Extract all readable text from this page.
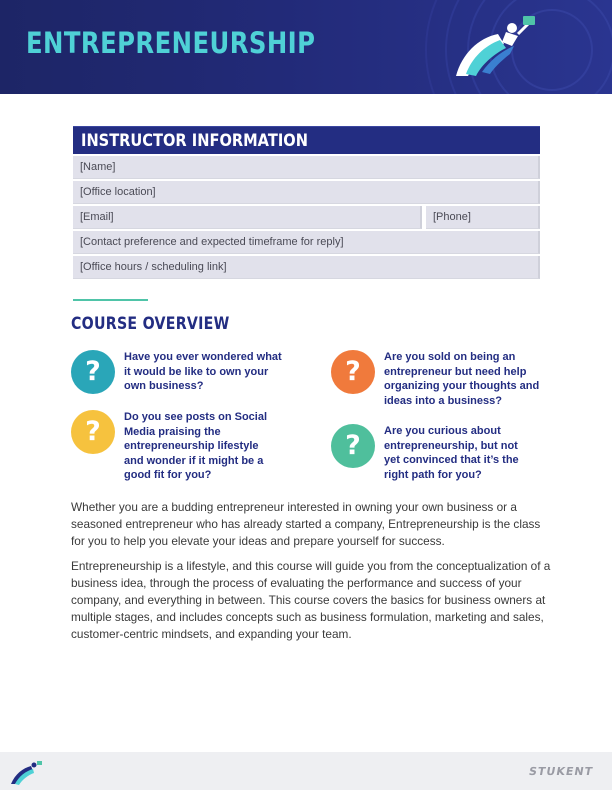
ENTREPRENEURSHIP
INSTRUCTOR INFORMATION
[Name]
[Office location]
[Email]	[Phone]
[Contact preference and expected timeframe for reply]
[Office hours / scheduling link]
COURSE OVERVIEW
?	Have you ever wondered what it would be like to own your own business?
?	Do you see posts on Social Media praising the entrepreneurship lifestyle and wonder if it might be a good fit for you?
?	Are you sold on being an entrepreneur but need help organizing your thoughts and ideas into a business?
?	Are you curious about entrepreneurship, but not yet convinced that it’s the right path for you?

Whether you are a budding entrepreneur interested in owning your own business or a seasoned entrepreneur who has already started a company, Entrepreneurship is the class for you to help you elevate your ideas and prepare yourself for success.

Entrepreneurship is a lifestyle, and this course will guide you from the conceptualization of a business idea, through the process of evaluating the performance and success of your company, and everything in between. This course covers the basics for business owners at multiple stages, and includes concepts such as business formulation, marketing and sales, customer-centric mindsets, and expanding your team.

STUKENT
